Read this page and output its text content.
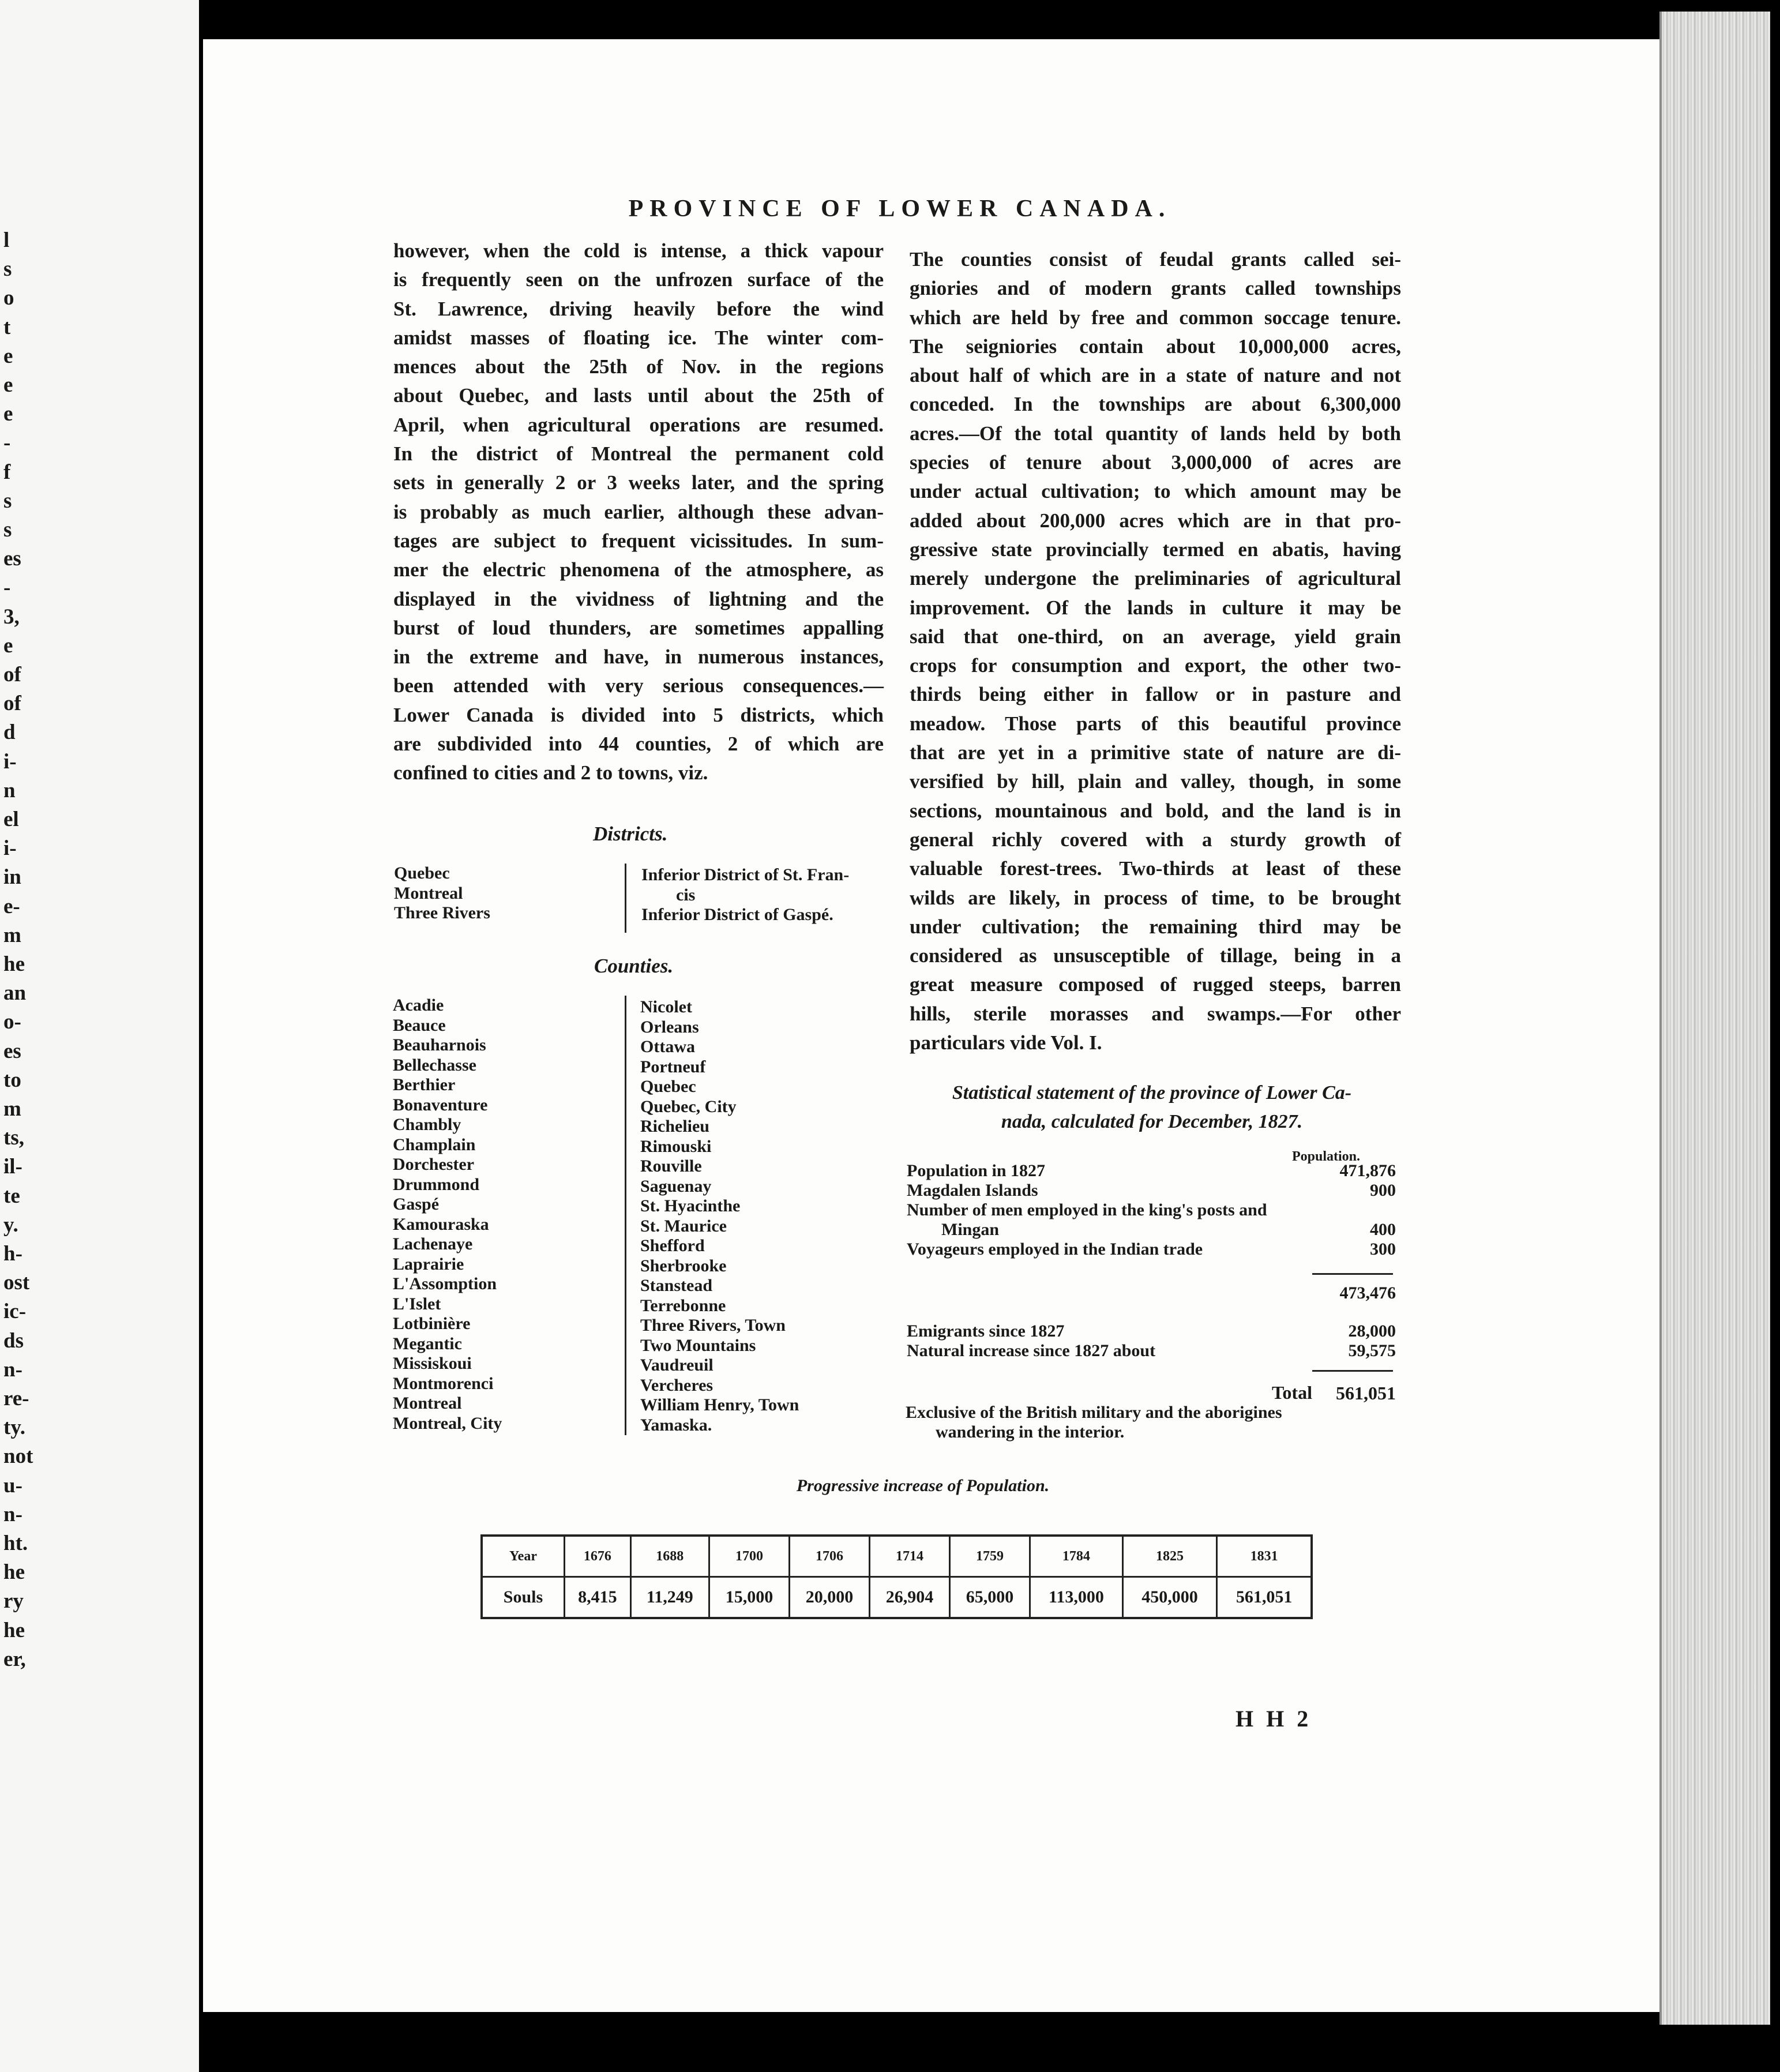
l
s
o
t
e
e
e
-
f
s
s
es
-
3,
e
of
of
d
i-
n
el
i-
in
e-
m
he
an
o-
es
to
m
ts,
il-
te
y.
h-
ost
ic-
ds
n-
re-
ty.
not
u-
n-
ht.
he
ry
he
er,
PROVINCE OF LOWER CANADA.
however, when the cold is intense, a thick vapour
is frequently seen on the unfrozen surface of the
St. Lawrence, driving heavily before the wind
amidst masses of floating ice. The winter com-
mences about the 25th of Nov. in the regions
about Quebec, and lasts until about the 25th of
April, when agricultural operations are resumed.
In the district of Montreal the permanent cold
sets in generally 2 or 3 weeks later, and the spring
is probably as much earlier, although these advan-
tages are subject to frequent vicissitudes. In sum-
mer the electric phenomena of the atmosphere, as
displayed in the vividness of lightning and the
burst of loud thunders, are sometimes appalling
in the extreme and have, in numerous instances,
been attended with very serious consequences.—
Lower Canada is divided into 5 districts, which
are subdivided into 44 counties, 2 of which are
confined to cities and 2 to towns, viz.
The counties consist of feudal grants called sei-
gniories and of modern grants called townships
which are held by free and common soccage tenure.
The seigniories contain about 10,000,000 acres,
about half of which are in a state of nature and not
conceded. In the townships are about 6,300,000
acres.—Of the total quantity of lands held by both
species of tenure about 3,000,000 of acres are
under actual cultivation; to which amount may be
added about 200,000 acres which are in that pro-
gressive state provincially termed en abatis, having
merely undergone the preliminaries of agricultural
improvement. Of the lands in culture it may be
said that one-third, on an average, yield grain
crops for consumption and export, the other two-
thirds being either in fallow or in pasture and
meadow. Those parts of this beautiful province
that are yet in a primitive state of nature are di-
versified by hill, plain and valley, though, in some
sections, mountainous and bold, and the land is in
general richly covered with a sturdy growth of
valuable forest-trees. Two-thirds at least of these
wilds are likely, in process of time, to be brought
under cultivation; the remaining third may be
considered as unsusceptible of tillage, being in a
great measure composed of rugged steeps, barren
hills, sterile morasses and swamps.—For other
particulars vide Vol. I.
Districts.
Quebec
Montreal
Three Rivers
Inferior District of St. Fran-
cis
Inferior District of Gaspé.
Counties.
Acadie
Beauce
Beauharnois
Bellechasse
Berthier
Bonaventure
Chambly
Champlain
Dorchester
Drummond
Gaspé
Kamouraska
Lachenaye
Laprairie
L'Assomption
L'Islet
Lotbinière
Megantic
Missiskoui
Montmorenci
Montreal
Montreal, City
Nicolet
Orleans
Ottawa
Portneuf
Quebec
Quebec, City
Richelieu
Rimouski
Rouville
Saguenay
St. Hyacinthe
St. Maurice
Shefford
Sherbrooke
Stanstead
Terrebonne
Three Rivers, Town
Two Mountains
Vaudreuil
Vercheres
William Henry, Town
Yamaska.
Statistical statement of the province of Lower Ca-
nada, calculated for December, 1827.
Population.
Population in 1827	471,876
Magdalen Islands	900
Number of men employed in the king's posts and
Mingan	400
Voyageurs employed in the Indian trade	300
473,476
Emigrants since 1827	28,000
Natural increase since 1827 about	59,575
Total	561,051
Exclusive of the British military and the aborigines
wandering in the interior.
Progressive increase of Population.
Year	1676	1688	1700	1706	1714	1759	1784	1825	1831
Souls	8,415	11,249	15,000	20,000	26,904	65,000	113,000	450,000	561,051
H H 2
